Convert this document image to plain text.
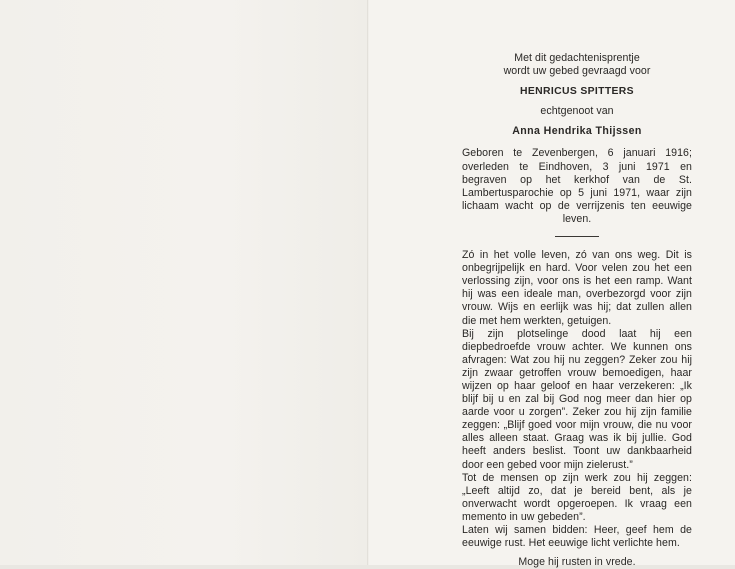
Met dit gedachtenisprentje
wordt uw gebed gevraagd voor
HENRICUS SPITTERS
echtgenoot van
Anna Hendrika Thijssen
Geboren te Zevenbergen, 6 januari 1916; overleden te Eindhoven, 3 juni 1971 en begraven op het kerkhof van de St. Lambertusparochie op 5 juni 1971, waar zijn lichaam wacht op de verrijzenis ten eeuwige leven.

Zó in het volle leven, zó van ons weg. Dit is onbegrijpelijk en hard. Voor velen zou het een verlossing zijn, voor ons is het een ramp. Want hij was een ideale man, overbezorgd voor zijn vrouw. Wijs en eerlijk was hij; dat zullen allen die met hem werkten, getuigen.

Bij zijn plotselinge dood laat hij een diepbedroefde vrouw achter. We kunnen ons afvragen: Wat zou hij nu zeggen? Zeker zou hij zijn zwaar getroffen vrouw bemoedigen, haar wijzen op haar geloof en haar verzekeren: „Ik blijf bij u en zal bij God nog meer dan hier op aarde voor u zorgen”. Zeker zou hij zijn familie zeggen: „Blijf goed voor mijn vrouw, die nu voor alles alleen staat. Graag was ik bij jullie. God heeft anders beslist. Toont uw dankbaarheid door een gebed voor mijn zielerust.”

Tot de mensen op zijn werk zou hij zeggen: „Leeft altijd zo, dat je bereid bent, als je onverwacht wordt opgeroepen. Ik vraag een memento in uw gebeden”.

Laten wij samen bidden: Heer, geef hem de eeuwige rust. Het eeuwige licht verlichte hem.

Moge hij rusten in vrede.
